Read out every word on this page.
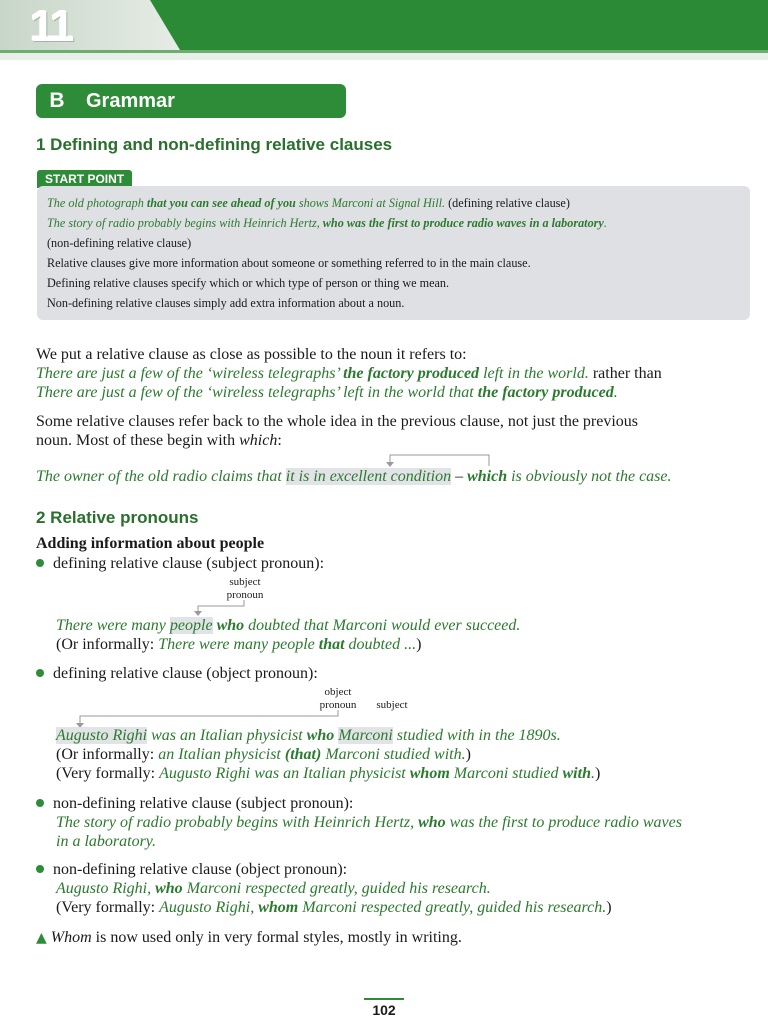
11
B	Grammar
1 Defining and non-defining relative clauses
START POINT
The old photograph that you can see ahead of you shows Marconi at Signal Hill. (defining relative clause)
The story of radio probably begins with Heinrich Hertz, who was the first to produce radio waves in a laboratory.
(non-defining relative clause)
Relative clauses give more information about someone or something referred to in the main clause.
Defining relative clauses specify which or which type of person or thing we mean.
Non-defining relative clauses simply add extra information about a noun.
We put a relative clause as close as possible to the noun it refers to:
There are just a few of the ‘wireless telegraphs’ the factory produced left in the world. rather than
There are just a few of the ‘wireless telegraphs’ left in the world that the factory produced.
Some relative clauses refer back to the whole idea in the previous clause, not just the previous
noun. Most of these begin with which:
The owner of the old radio claims that it is in excellent condition – which is obviously not the case.
2 Relative pronouns
Adding information about people
defining relative clause (subject pronoun):
subject
pronoun
There were many people who doubted that Marconi would ever succeed.
(Or informally: There were many people that doubted ...)
defining relative clause (object pronoun):
object
pronoun	subject
Augusto Righi was an Italian physicist who Marconi studied with in the 1890s.
(Or informally: an Italian physicist (that) Marconi studied with.)
(Very formally: Augusto Righi was an Italian physicist whom Marconi studied with.)
non-defining relative clause (subject pronoun):
The story of radio probably begins with Heinrich Hertz, who was the first to produce radio waves
in a laboratory.
non-defining relative clause (object pronoun):
Augusto Righi, who Marconi respected greatly, guided his research.
(Very formally: Augusto Righi, whom Marconi respected greatly, guided his research.)
▲ Whom is now used only in very formal styles, mostly in writing.
102
